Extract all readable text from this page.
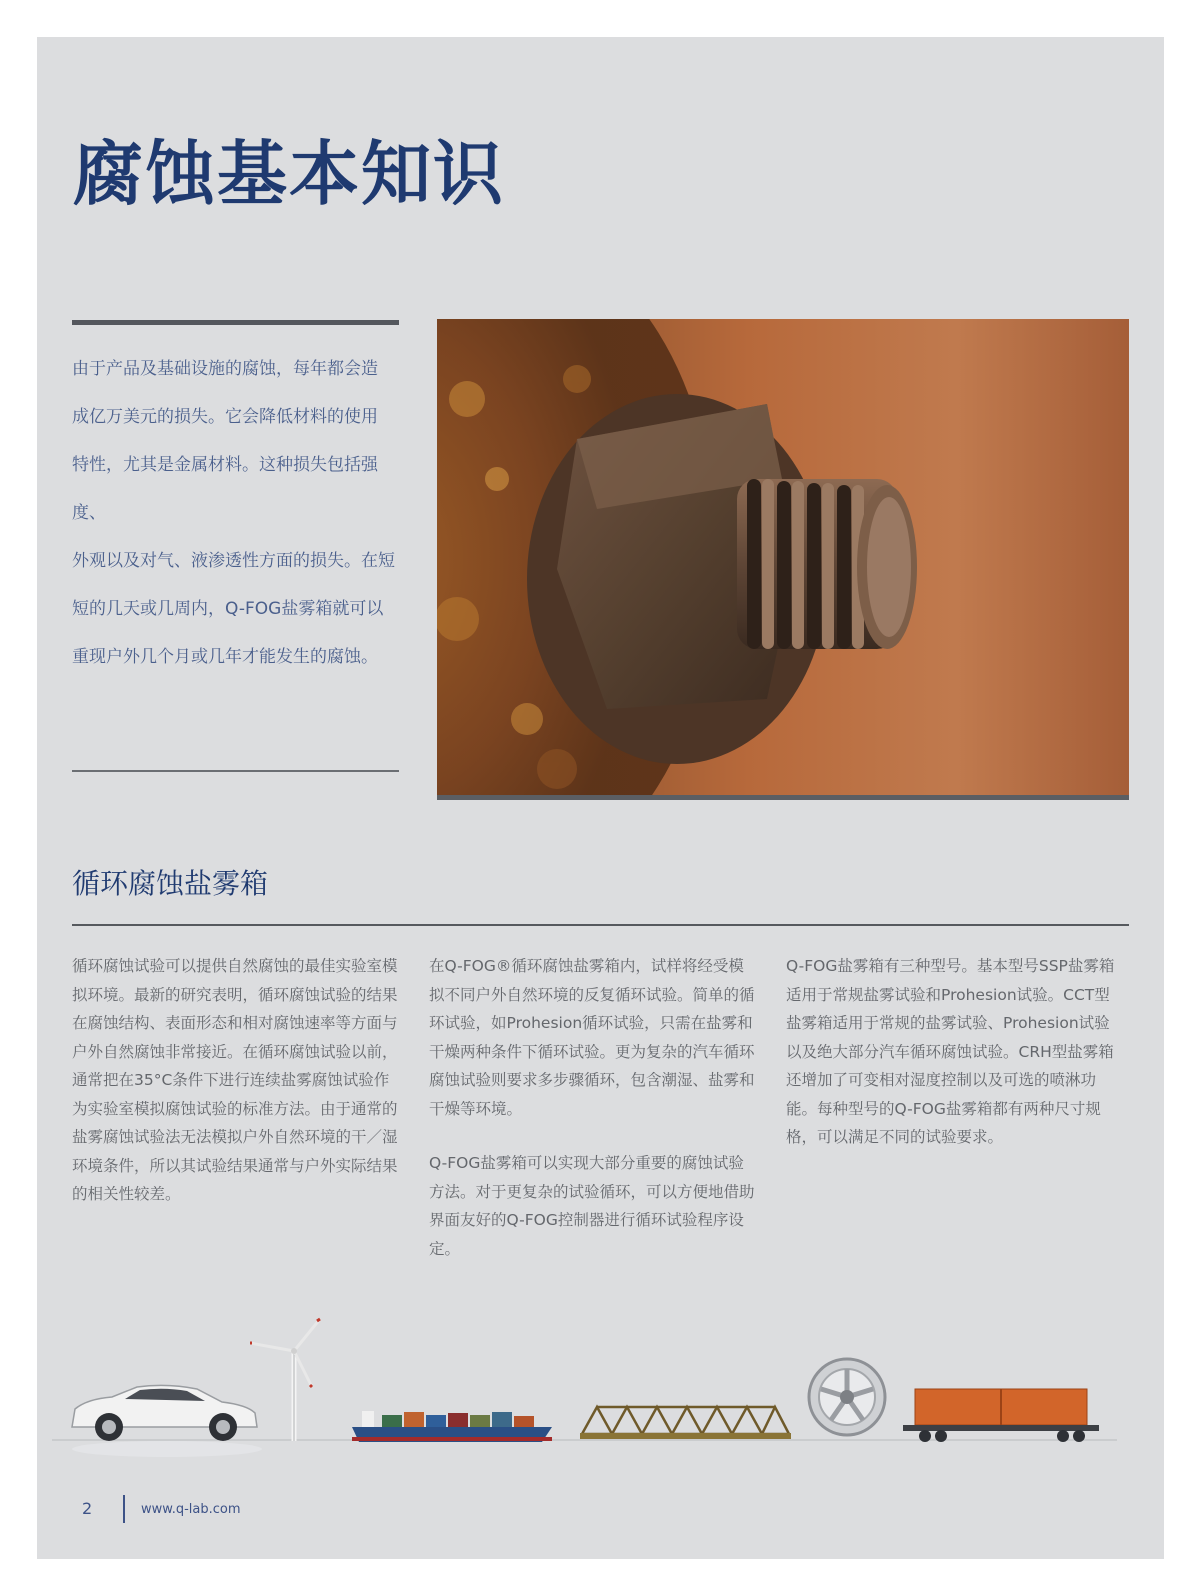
腐蚀基本知识
由于产品及基础设施的腐蚀，每年都会造
成亿万美元的损失。它会降低材料的使用
特性，尤其是金属材料。这种损失包括强度、
外观以及对气、液渗透性方面的损失。在短
短的几天或几周内，Q-FOG盐雾箱就可以
重现户外几个月或几年才能发生的腐蚀。
循环腐蚀盐雾箱

循环腐蚀试验可以提供自然腐蚀的最佳实验室模拟环境。最新的研究表明，循环腐蚀试验的结果在腐蚀结构、表面形态和相对腐蚀速率等方面与户外自然腐蚀非常接近。在循环腐蚀试验以前，通常把在35°C条件下进行连续盐雾腐蚀试验作为实验室模拟腐蚀试验的标准方法。由于通常的盐雾腐蚀试验法无法模拟户外自然环境的干／湿环境条件，所以其试验结果通常与户外实际结果的相关性较差。

在Q-FOG®循环腐蚀盐雾箱内，试样将经受模拟不同户外自然环境的反复循环试验。简单的循环试验，如Prohesion循环试验，只需在盐雾和干燥两种条件下循环试验。更为复杂的汽车循环腐蚀试验则要求多步骤循环，包含潮湿、盐雾和干燥等环境。

Q-FOG盐雾箱可以实现大部分重要的腐蚀试验方法。对于更复杂的试验循环，可以方便地借助界面友好的Q-FOG控制器进行循环试验程序设定。

Q-FOG盐雾箱有三种型号。基本型号SSP盐雾箱适用于常规盐雾试验和Prohesion试验。CCT型盐雾箱适用于常规的盐雾试验、Prohesion试验以及绝大部分汽车循环腐蚀试验。CRH型盐雾箱还增加了可变相对湿度控制以及可选的喷淋功能。每种型号的Q-FOG盐雾箱都有两种尺寸规格，可以满足不同的试验要求。

2	www.q-lab.com
